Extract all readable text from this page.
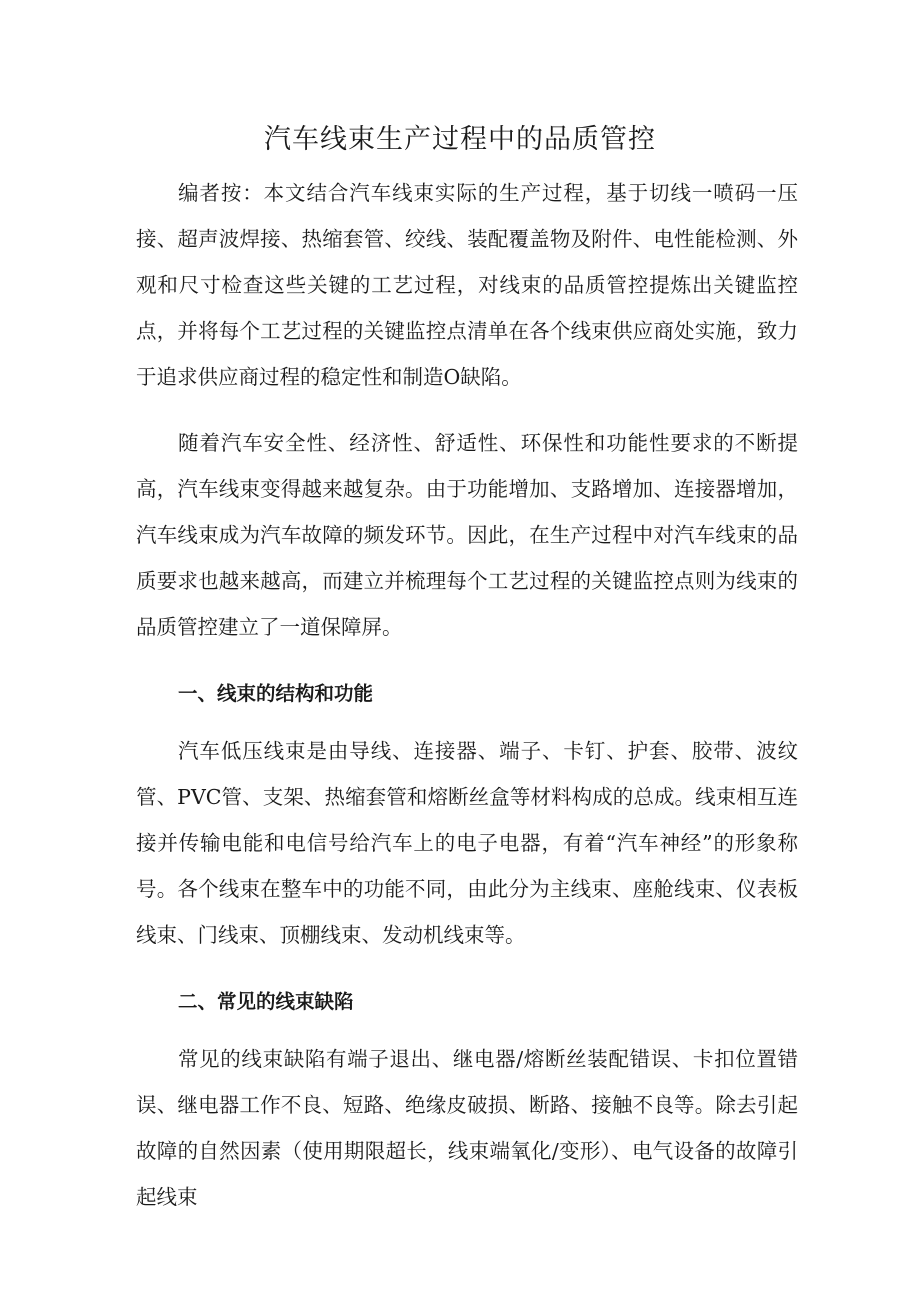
汽车线束生产过程中的品质管控

编者按：本文结合汽车线束实际的生产过程，基于切线一喷码一压接、超声波焊接、热缩套管、绞线、装配覆盖物及附件、电性能检测、外观和尺寸检查这些关键的工艺过程，对线束的品质管控提炼出关键监控点，并将每个工艺过程的关键监控点清单在各个线束供应商处实施，致力于追求供应商过程的稳定性和制造O缺陷。

随着汽车安全性、经济性、舒适性、环保性和功能性要求的不断提高，汽车线束变得越来越复杂。由于功能增加、支路增加、连接器增加，汽车线束成为汽车故障的频发环节。因此，在生产过程中对汽车线束的品质要求也越来越高，而建立并梳理每个工艺过程的关键监控点则为线束的品质管控建立了一道保障屏。

一、线束的结构和功能

汽车低压线束是由导线、连接器、端子、卡钉、护套、胶带、波纹管、PVC管、支架、热缩套管和熔断丝盒等材料构成的总成。线束相互连接并传输电能和电信号给汽车上的电子电器，有着“汽车神经”的形象称号。各个线束在整车中的功能不同，由此分为主线束、座舱线束、仪表板线束、门线束、顶棚线束、发动机线束等。

二、常见的线束缺陷

常见的线束缺陷有端子退出、继电器/熔断丝装配错误、卡扣位置错误、继电器工作不良、短路、绝缘皮破损、断路、接触不良等。除去引起故障的自然因素（使用期限超长，线束端氧化/变形）、电气设备的故障引起线束
